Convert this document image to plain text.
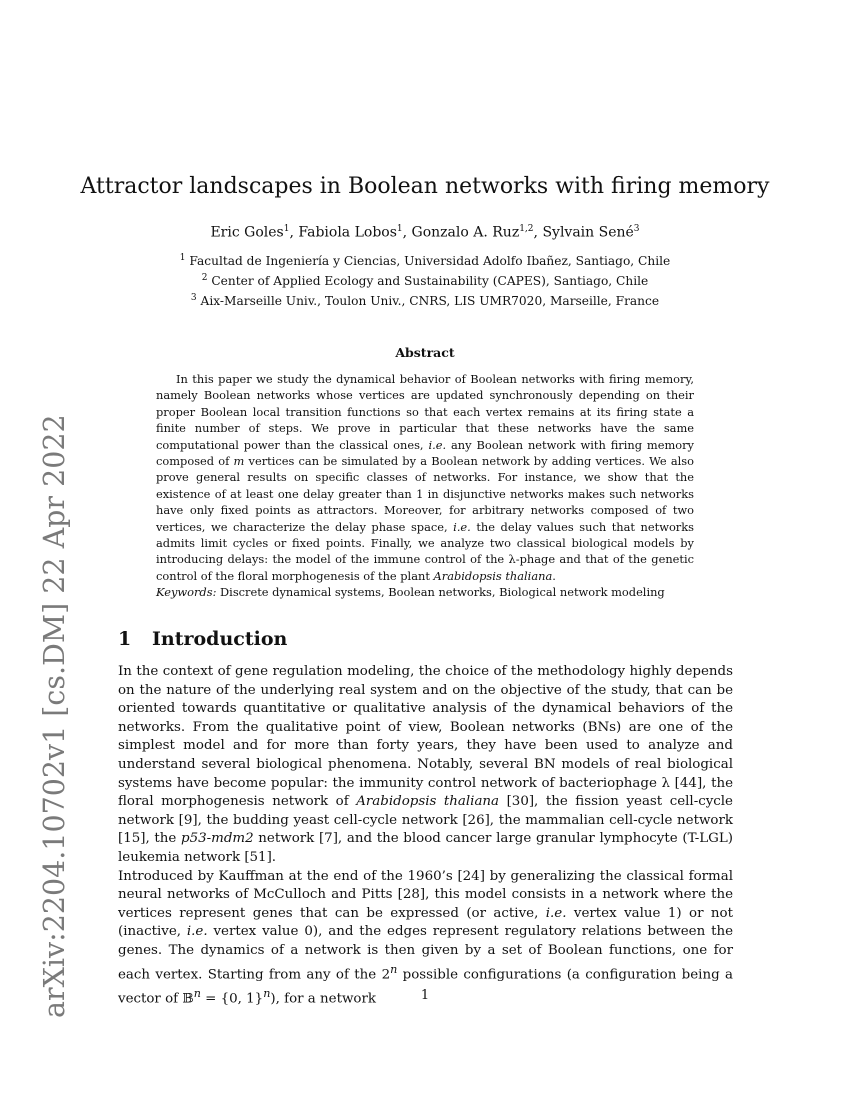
arXiv:2204.10702v1 [cs.DM] 22 Apr 2022
Attractor landscapes in Boolean networks with firing memory
Eric Goles$^1$, Fabiola Lobos$^1$, Gonzalo A. Ruz$^{1,2}$, Sylvain Sené$^3$
$^1$ Facultad de Ingeniería y Ciencias, Universidad Adolfo Ibañez, Santiago, Chile
$^2$ Center of Applied Ecology and Sustainability (CAPES), Santiago, Chile
$^3$ Aix-Marseille Univ., Toulon Univ., CNRS, LIS UMR7020, Marseille, France
Abstract
In this paper we study the dynamical behavior of Boolean networks with firing memory, namely Boolean networks whose vertices are updated synchronously depending on their proper Boolean local transition functions so that each vertex remains at its firing state a finite number of steps. We prove in particular that these networks have the same computational power than the classical ones, i.e. any Boolean network with firing memory composed of m vertices can be simulated by a Boolean network by adding vertices. We also prove general results on specific classes of networks. For instance, we show that the existence of at least one delay greater than 1 in disjunctive networks makes such networks have only fixed points as attractors. Moreover, for arbitrary networks composed of two vertices, we characterize the delay phase space, i.e. the delay values such that networks admits limit cycles or fixed points. Finally, we analyze two classical biological models by introducing delays: the model of the immune control of the λ-phage and that of the genetic control of the floral morphogenesis of the plant Arabidopsis thaliana.
Keywords: Discrete dynamical systems, Boolean networks, Biological network modeling
1 Introduction

In the context of gene regulation modeling, the choice of the methodology highly depends on the nature of the underlying real system and on the objective of the study, that can be oriented towards quantitative or qualitative analysis of the dynamical behaviors of the networks. From the qualitative point of view, Boolean networks (BNs) are one of the simplest model and for more than forty years, they have been used to analyze and understand several biological phenomena. Notably, several BN models of real biological systems have become popular: the immunity control network of bacteriophage λ [44], the floral morphogenesis network of Arabidopsis thaliana [30], the fission yeast cell-cycle network [9], the budding yeast cell-cycle network [26], the mammalian cell-cycle network [15], the p53-mdm2 network [7], and the blood cancer large granular lymphocyte (T-LGL) leukemia network [51].

Introduced by Kauffman at the end of the 1960’s [24] by generalizing the classical formal neural networks of McCulloch and Pitts [28], this model consists in a network where the vertices represent genes that can be expressed (or active, i.e. vertex value 1) or not (inactive, i.e. vertex value 0), and the edges represent regulatory relations between the genes. The dynamics of a network is then given by a set of Boolean functions, one for each vertex. Starting from any of the 2$^n$ possible configurations (a configuration being a vector of 𝔹$^n$ = {0, 1}$^n$), for a network	1
